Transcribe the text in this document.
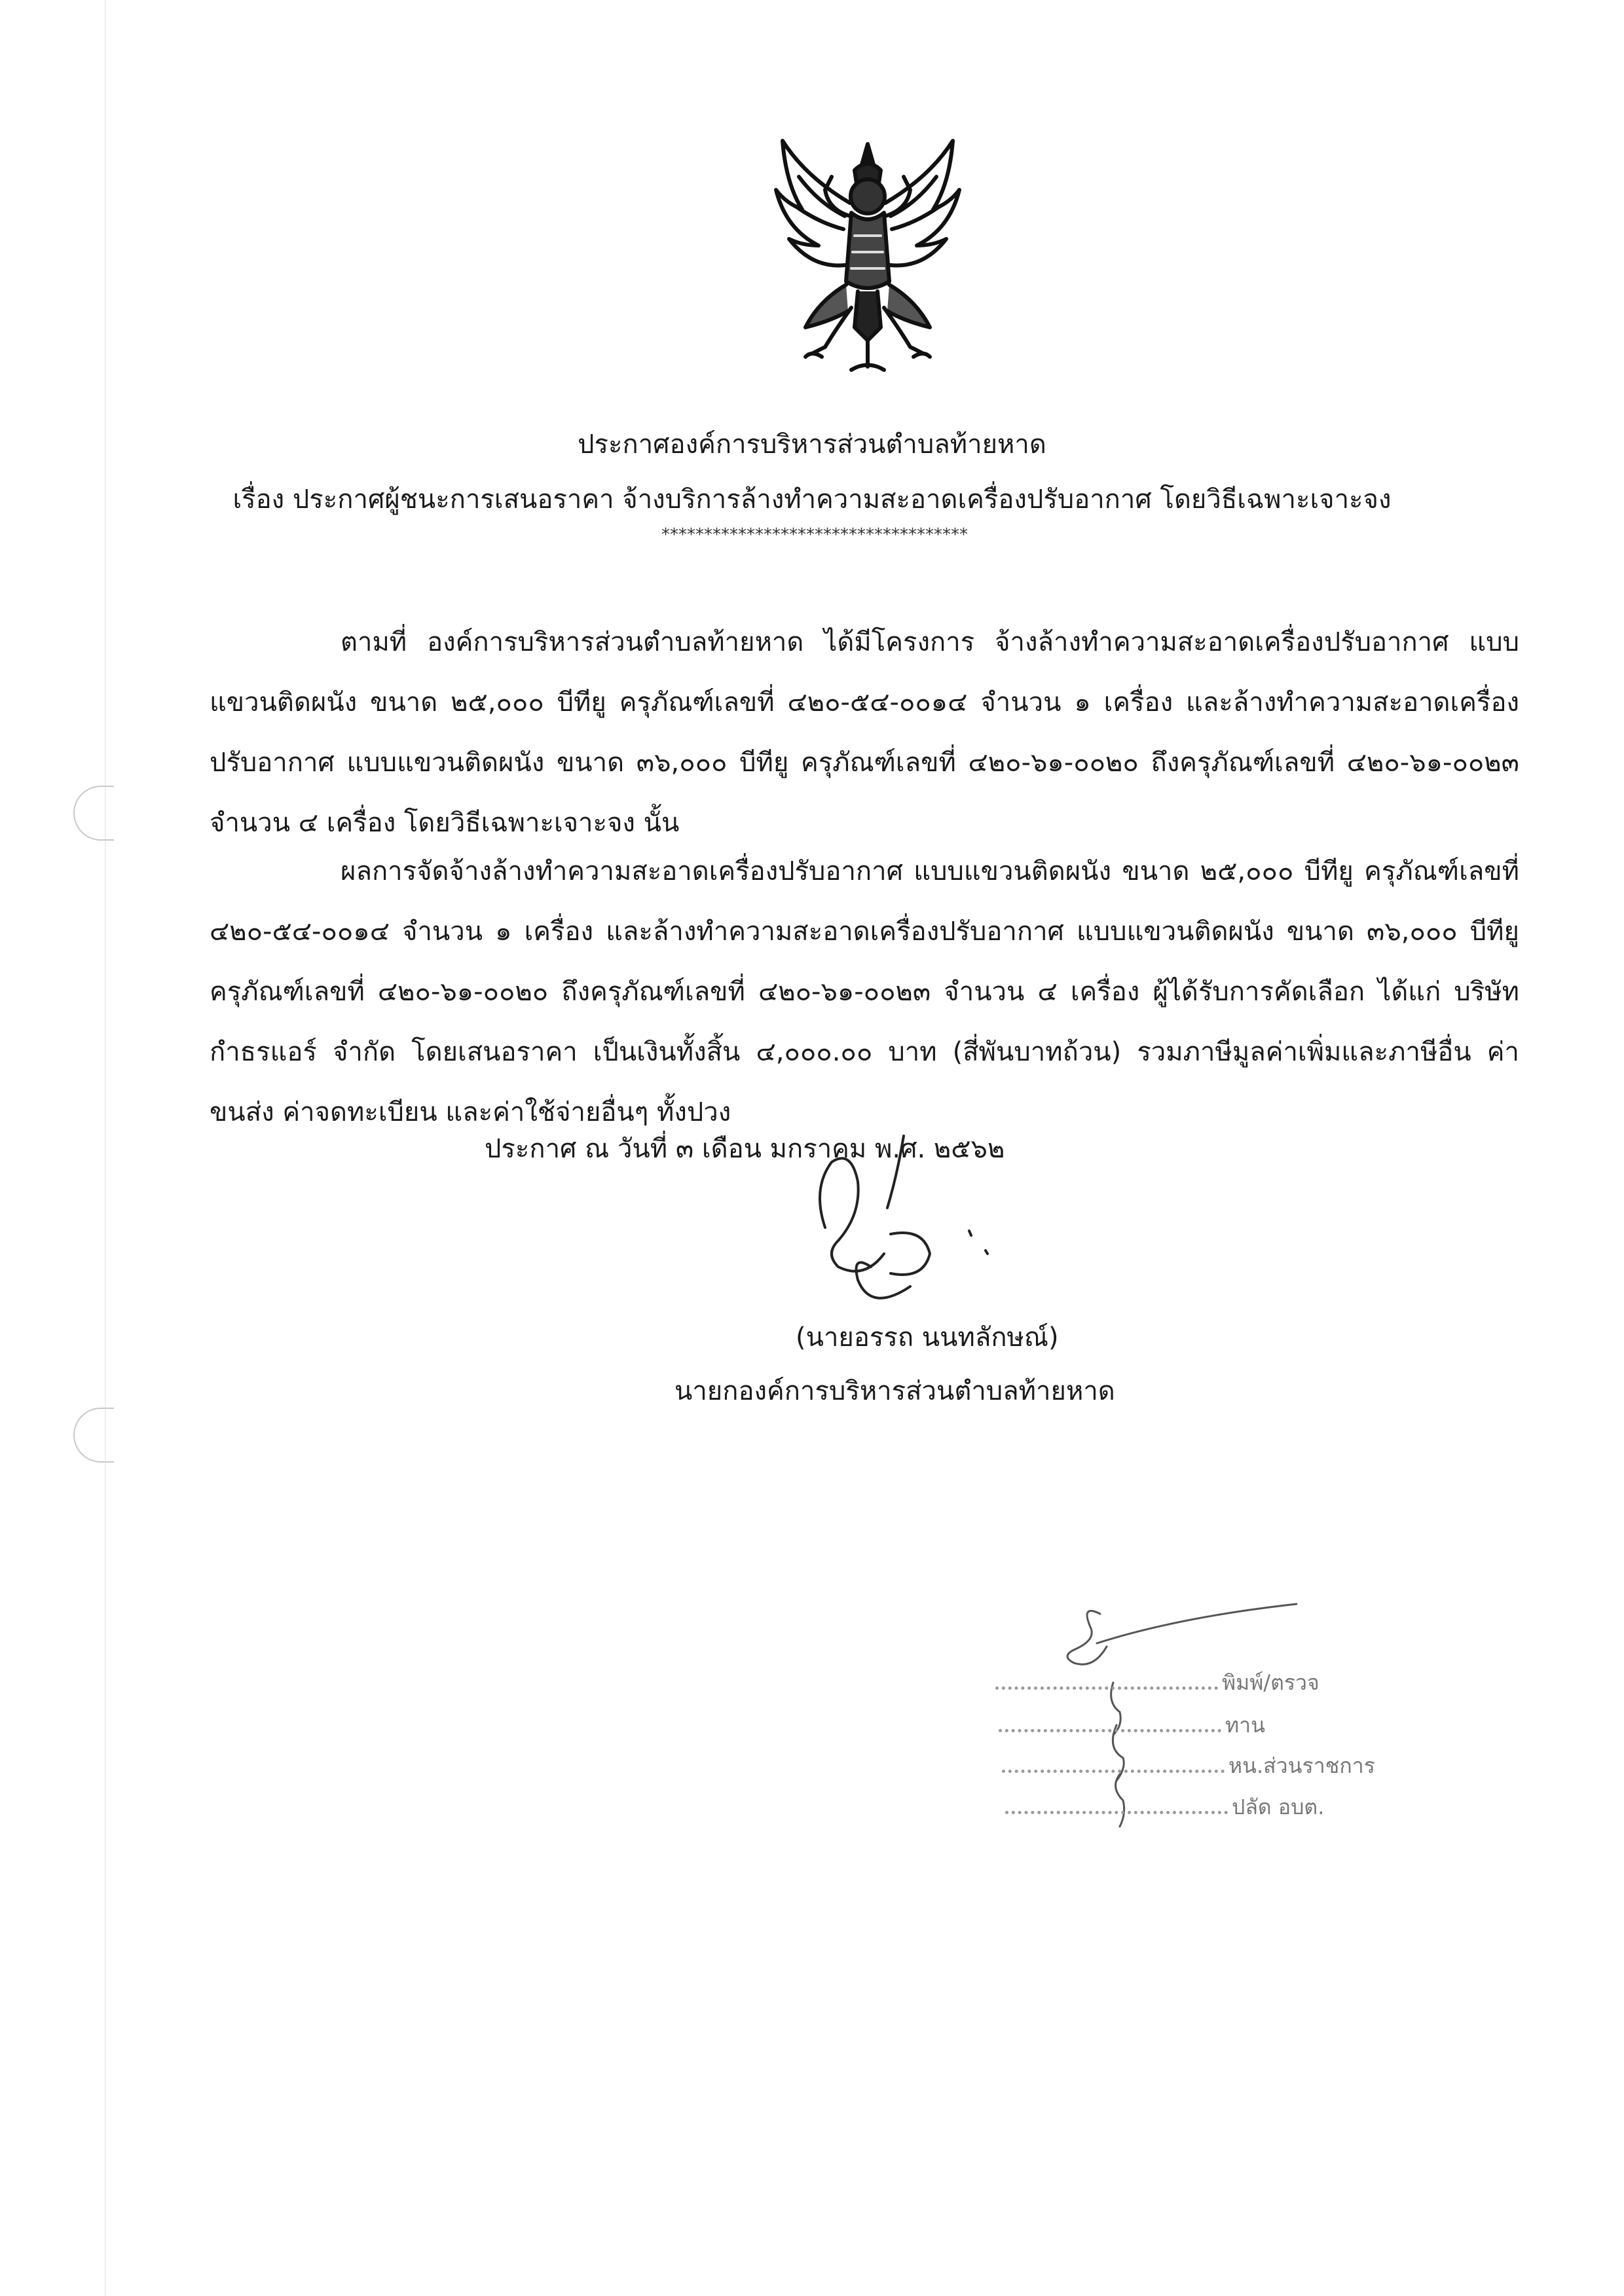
ประกาศองค์การบริหารส่วนตำบลท้ายหาด
เรื่อง ประกาศผู้ชนะการเสนอราคา จ้างบริการล้างทำความสะอาดเครื่องปรับอากาศ โดยวิธีเฉพาะเจาะจง
************************************

ตามที่ องค์การบริหารส่วนตำบลท้ายหาด ได้มีโครงการ จ้างล้างทำความสะอาดเครื่องปรับอากาศ แบบแขวนติดผนัง ขนาด ๒๕,๐๐๐ บีทียู ครุภัณฑ์เลขที่ ๔๒๐-๕๔-๐๐๑๔ จำนวน ๑ เครื่อง และล้างทำความสะอาดเครื่องปรับอากาศ แบบแขวนติดผนัง ขนาด ๓๖,๐๐๐ บีทียู ครุภัณฑ์เลขที่ ๔๒๐-๖๑-๐๐๒๐ ถึงครุภัณฑ์เลขที่ ๔๒๐-๖๑-๐๐๒๓ จำนวน ๔ เครื่อง โดยวิธีเฉพาะเจาะจง นั้น

ผลการจัดจ้างล้างทำความสะอาดเครื่องปรับอากาศ แบบแขวนติดผนัง ขนาด ๒๕,๐๐๐ บีทียู ครุภัณฑ์เลขที่ ๔๒๐-๕๔-๐๐๑๔ จำนวน ๑ เครื่อง และล้างทำความสะอาดเครื่องปรับอากาศ แบบแขวนติดผนัง ขนาด ๓๖,๐๐๐ บีทียู ครุภัณฑ์เลขที่ ๔๒๐-๖๑-๐๐๒๐ ถึงครุภัณฑ์เลขที่ ๔๒๐-๖๑-๐๐๒๓ จำนวน ๔ เครื่อง ผู้ได้รับการคัดเลือก ได้แก่ บริษัท กำธรแอร์ จำกัด โดยเสนอราคา เป็นเงินทั้งสิ้น ๔,๐๐๐.๐๐ บาท (สี่พันบาทถ้วน) รวมภาษีมูลค่าเพิ่มและภาษีอื่น ค่าขนส่ง ค่าจดทะเบียน และค่าใช้จ่ายอื่นๆ ทั้งปวง

ประกาศ ณ วันที่ ๓ เดือน มกราคม พ.ศ. ๒๕๖๒
(นายอรรถ นนทลักษณ์)
นายกองค์การบริหารส่วนตำบลท้ายหาด
พิมพ์/ตรวจ
ทาน
หน.ส่วนราชการ
ปลัด อบต.
